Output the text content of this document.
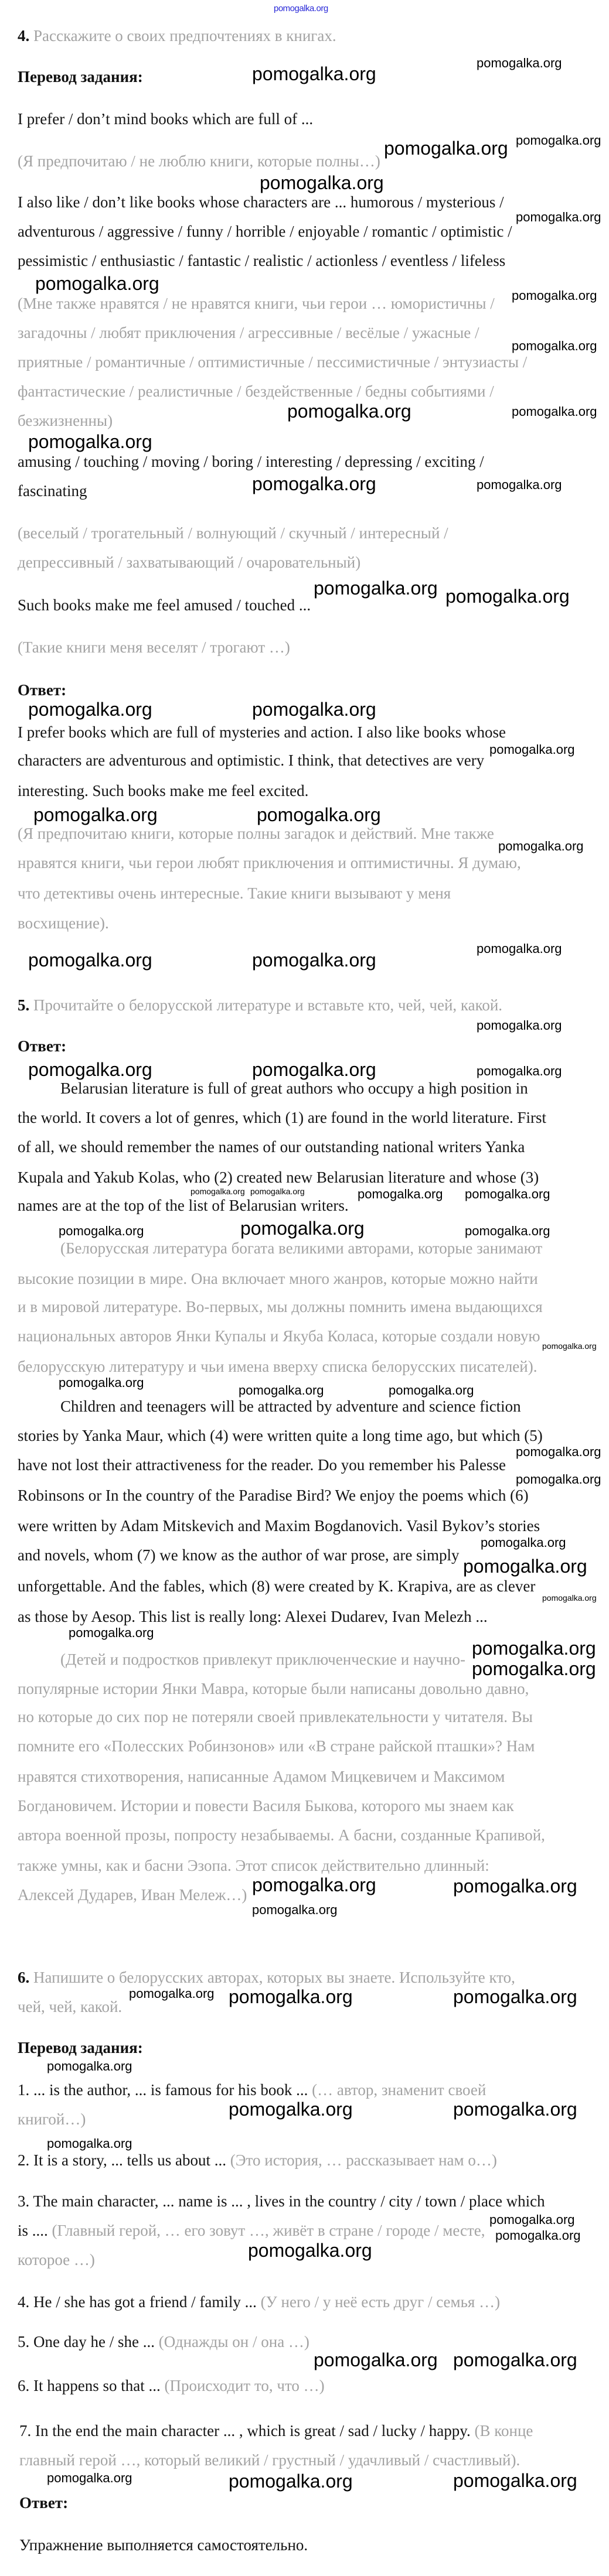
pomogalka.org
4. Расскажите о своих предпочтениях в книгах.
Перевод задания:
I prefer / don’t mind books which are full of ...
(Я предпочитаю / не люблю книги, которые полны…)
I also like / don’t like books whose characters are ... humorous / mysterious /
adventurous / aggressive / funny / horrible / enjoyable / romantic / optimistic /
pessimistic / enthusiastic / fantastic / realistic / actionless / eventless / lifeless
(Мне также нравятся / не нравятся книги, чьи герои … юмористичны /
загадочны / любят приключения / агрессивные / весёлые / ужасные /
приятные / романтичные / оптимистичные / пессимистичные / энтузиасты /
фантастические / реалистичные / бездейственные / бедны событиями /
безжизненны)
amusing / touching / moving / boring / interesting / depressing / exciting /
fascinating
(веселый / трогательный / волнующий / скучный / интересный /
депрессивный / захватывающий / очаровательный)
Such books make me feel amused / touched ...
(Такие книги меня веселят / трогают …)
Ответ:
I prefer books which are full of mysteries and action. I also like books whose
characters are adventurous and optimistic. I think, that detectives are very
interesting. Such books make me feel excited.
(Я предпочитаю книги, которые полны загадок и действий. Мне также
нравятся книги, чьи герои любят приключения и оптимистичны. Я думаю,
что детективы очень интересные. Такие книги вызывают у меня
восхищение).
5. Прочитайте о белорусской литературе и вставьте кто, чей, чей, какой.
Ответ:
Belarusian literature is full of great authors who occupy a high position in
the world. It covers a lot of genres, which (1) are found in the world literature. First
of all, we should remember the names of our outstanding national writers Yanka
Kupala and Yakub Kolas, who (2) created new Belarusian literature and whose (3)
names are at the top of the list of Belarusian writers.
(Белорусская литература богата великими авторами, которые занимают
высокие позиции в мире. Она включает много жанров, которые можно найти
и в мировой литературе. Во-первых, мы должны помнить имена выдающихся
национальных авторов Янки Купалы и Якуба Коласа, которые создали новую
белорусскую литературу и чьи имена вверху списка белорусских писателей).
Children and teenagers will be attracted by adventure and science fiction
stories by Yanka Maur, which (4) were written quite a long time ago, but which (5)
have not lost their attractiveness for the reader. Do you remember his Palesse
Robinsons or In the country of the Paradise Bird? We enjoy the poems which (6)
were written by Adam Mitskevich and Maxim Bogdanovich. Vasil Bykov’s stories
and novels, whom (7) we know as the author of war prose, are simply
unforgettable. And the fables, which (8) were created by K. Krapiva, are as clever
as those by Aesop. This list is really long: Alexei Dudarev, Ivan Melezh ...
(Детей и подростков привлекут приключенческие и научно-
популярные истории Янки Мавра, которые были написаны довольно давно,
но которые до сих пор не потеряли своей привлекательности у читателя. Вы
помните его «Полесских Робинзонов» или «В стране райской пташки»? Нам
нравятся стихотворения, написанные Адамом Мицкевичем и Максимом
Богдановичем. Истории и повести Василя Быкова, которого мы знаем как
автора военной прозы, попросту незабываемы. А басни, созданные Крапивой,
также умны, как и басни Эзопа. Этот список действительно длинный:
Алексей Дударев, Иван Мележ…)
6. Напишите о белорусских авторах, которых вы знаете. Используйте кто,
чей, чей, какой.
Перевод задания:
1. ... is the author, ... is famous for his book ... (… автор, знаменит своей
книгой…)
2. It is a story, ... tells us about ... (Это история, … рассказывает нам о…)
3. The main character, ... name is ... , lives in the country / city / town / place which
is .... (Главный герой, … его зовут …, живёт в стране / городе / месте,
которое …)
4. He / she has got a friend / family ... (У него / у неё есть друг / семья …)
5. One day he / she ... (Однажды он / она …)
6. It happens so that ... (Происходит то, что …)
7. In the end the main character ... , which is great / sad / lucky / happy. (В конце
главный герой …, который великий / грустный / удачливый / счастливый).
Ответ:
Упражнение выполняется самостоятельно.
pomogalka.org
pomogalka.org
pomogalka.org
pomogalka.org
pomogalka.org
pomogalka.org
pomogalka.org
pomogalka.org pomogalka.org
pomogalka.org	pomogalka.org
pomogalka.org	pomogalka.org
pomogalka.org	pomogalka.org
pomogalka.org	pomogalka.org
pomogalka.org
pomogalka.org
pomogalka.org
pomogalka.org
pomogalka.org	pomogalka.org
pomogalka.org	pomogalka.org
pomogalka.org	pomogalka.org
pomogalka.org
pomogalka.org pomogalka.org
pomogalka.org	pomogalka.org
pomogalka.org
pomogalka.org
pomogalka.org
pomogalka.org
pomogalka.org
pomogalka.org
pomogalka.org
pomogalka.org
pomogalka.org
pomogalka.org
pomogalka.org
pomogalka.org
pomogalka.org pomogalka.org
pomogalka.org	pomogalka.org
pomogalka.org
pomogalka.org	pomogalka.org
pomogalka.org
pomogalka.org
pomogalka.org
pomogalka.org
pomogalka.org
pomogalka.org
pomogalka.org
pomogalka.org
pomogalka.org
pomogalka.org
pomogalka.org
pomogalka.org
pomogalka.org
pomogalka.org
pomogalka.org
